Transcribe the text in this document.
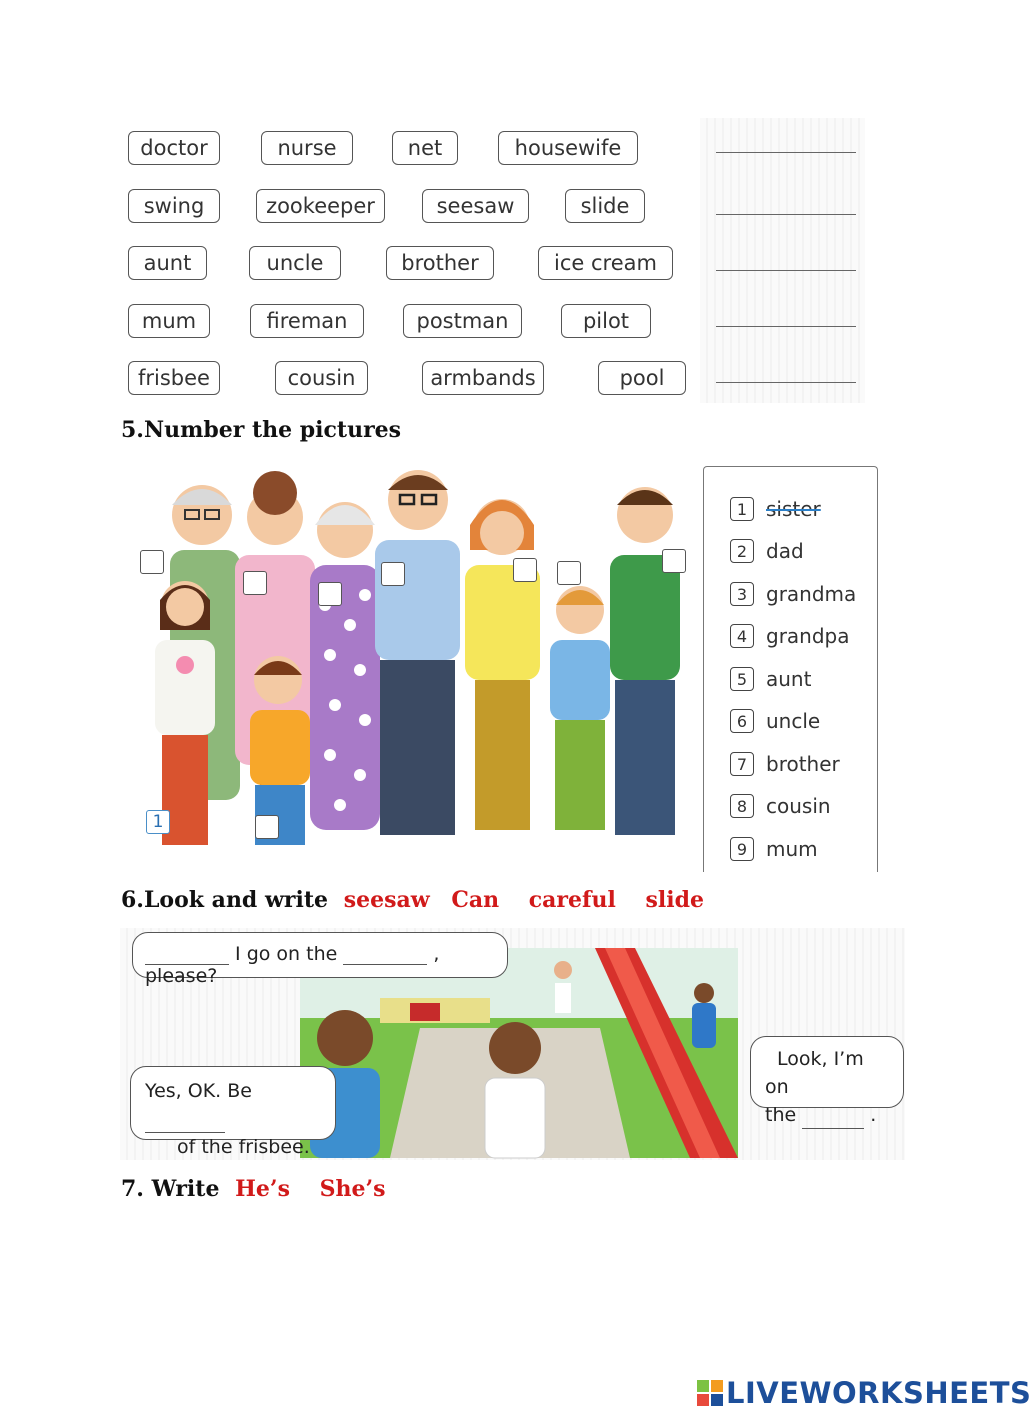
doctor	nurse	net	housewife
swing	zookeeper	seesaw	slide
aunt	uncle	brother	ice cream
mum	fireman	postman	pilot
frisbee	cousin	armbands	pool
5.Number the pictures
1
1 sister
2 dad
3 grandma
4 grandpa
5 aunt
6 uncle
7 brother
8 cousin
9 mum
6.Look and write seesaw Can careful slide
I go on the	, please?
Yes, OK. Be
of the frisbee.
Look, I’m on
the	.
7. Write He’s She’s
LIVEWORKSHEETS
